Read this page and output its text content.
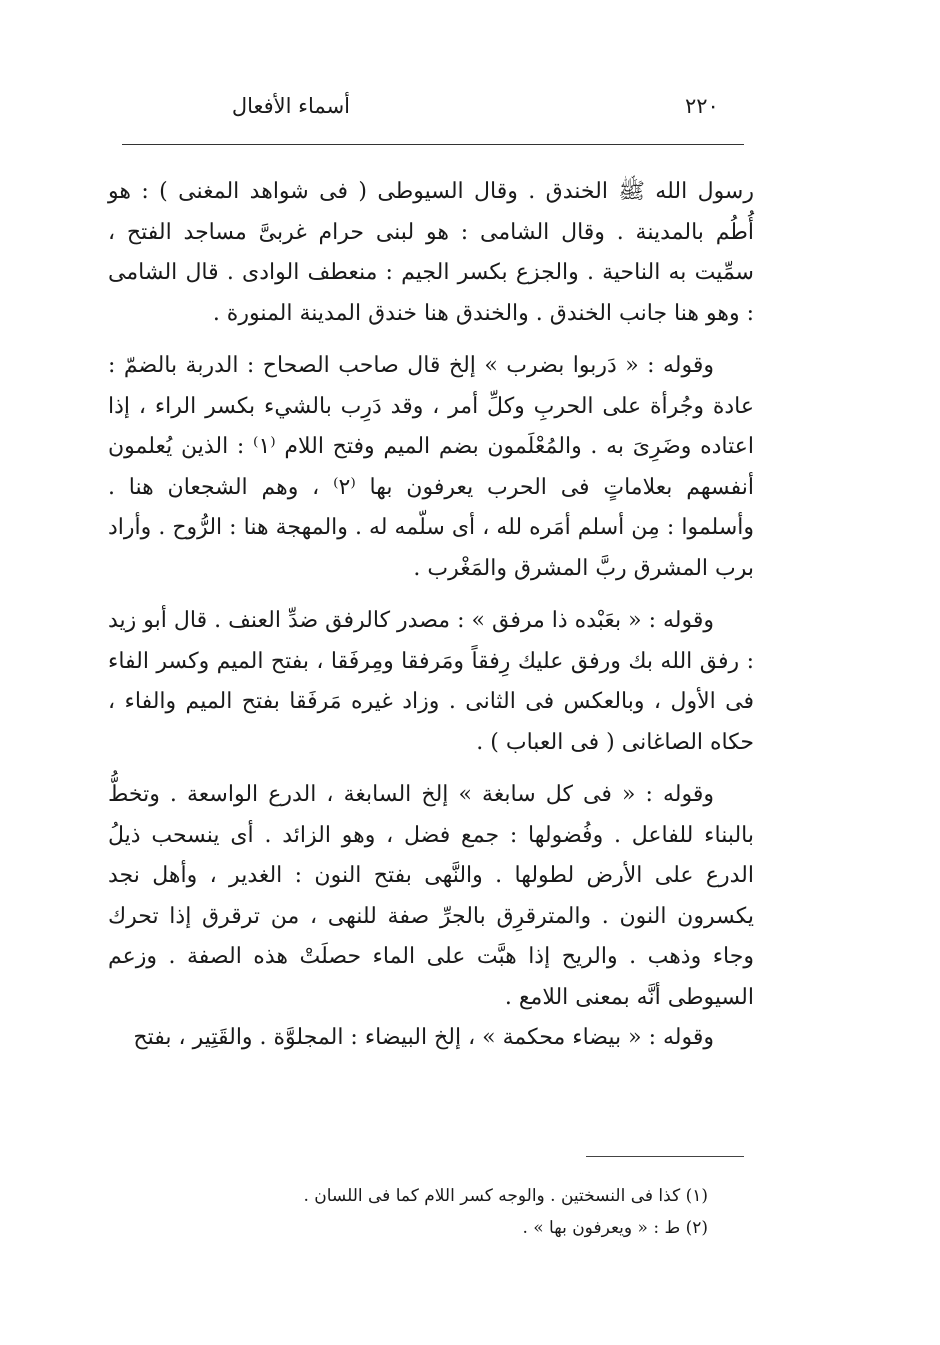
أسماء الأفعال	٢٢٠

رسول الله ﷺ الخندق . وقال السيوطى ( فى شواهد المغنى ) : هو أُطُم بالمدينة . وقال الشامى : هو لبنى حرام غربىَّ مساجد الفتح ، سمِّيت به الناحية . والجزع بكسر الجيم : منعطف الوادى . قال الشامى : وهو هنا جانب الخندق . والخندق هنا خندق المدينة المنورة .

وقوله : « دَربوا بضرب » إلخ قال صاحب الصحاح : الدربة بالضمّ : عادة وجُرأة على الحربِ وكلِّ أمر ، وقد دَرِب بالشيء بكسر الراء ، إذا اعتاده وضَرِىَ به . والمُعْلَمون بضم الميم وفتح اللام ⁽١⁾ : الذين يُعلمون أنفسهم بعلاماتٍ فى الحرب يعرفون بها ⁽٢⁾ ، وهم الشجعان هنا . وأسلموا : مِن أسلم أمَره لله ، أى سلّمه له . والمهجة هنا : الرُّوح . وأراد برب المشرق ربَّ المشرق والمَغْرب .

وقوله : « بعَبْده ذا مرفق » : مصدر كالرفق ضدِّ العنف . قال أبو زيد : رفق الله بك ورفق عليك رِفقاً ومَرفقا ومِرفَقا ، بفتح الميم وكسر الفاء فى الأول ، وبالعكس فى الثانى . وزاد غيره مَرفَقا بفتح الميم والفاء ، حكاه الصاغانى ( فى العباب ) .

وقوله : « فى كل سابغة » إلخ السابغة ، الدرع الواسعة . وتخطُّ بالبناء للفاعل . وفُضولها : جمع فضل ، وهو الزائد . أى ينسحب ذيلُ الدرع على الأرض لطولها . والنَّهى بفتح النون : الغدير ، وأهل نجد يكسرون النون . والمترقرِق بالجرِّ صفة للنهى ، من ترقرق إذا تحرك وجاء وذهب . والريح إذا هبَّت على الماء حصلَتْ هذه الصفة . وزعم السيوطى أنَّه بمعنى اللامع .

وقوله : « بيضاء محكمة » ، إلخ البيضاء : المجلوَّة . والقَتِير ، بفتح

(١) كذا فى النسختين . والوجه كسر اللام كما فى اللسان .

(٢) ط : « ويعرفون بها » .
